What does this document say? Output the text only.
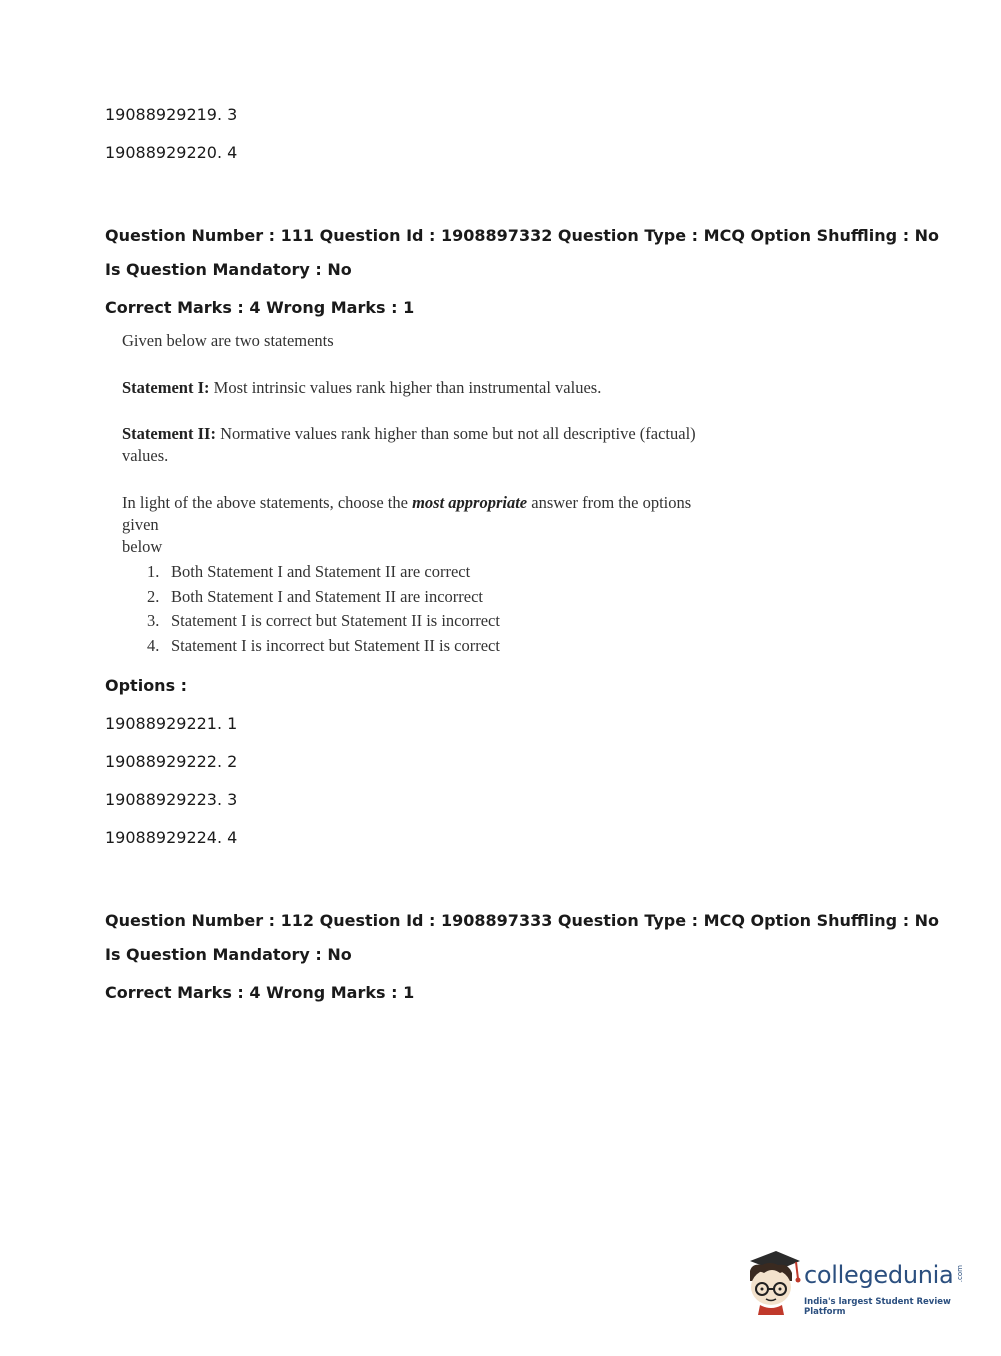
19088929219. 3
19088929220. 4
Question Number : 111 Question Id : 1908897332 Question Type : MCQ Option Shuffling : No
Is Question Mandatory : No
Correct Marks : 4 Wrong Marks : 1

Given below are two statements

Statement I: Most intrinsic values rank higher than instrumental values.

Statement II: Normative values rank higher than some but not all descriptive (factual)
values.

In light of the above statements, choose the most appropriate answer from the options given
below

1. Both Statement I and Statement II are correct
2. Both Statement I and Statement II are incorrect
3. Statement I is correct but Statement II is incorrect
4. Statement I is incorrect but Statement II is correct
Options :
19088929221. 1
19088929222. 2
19088929223. 3
19088929224. 4
Question Number : 112 Question Id : 1908897333 Question Type : MCQ Option Shuffling : No
Is Question Mandatory : No
Correct Marks : 4 Wrong Marks : 1
collegedunia .com
India's largest Student Review Platform
